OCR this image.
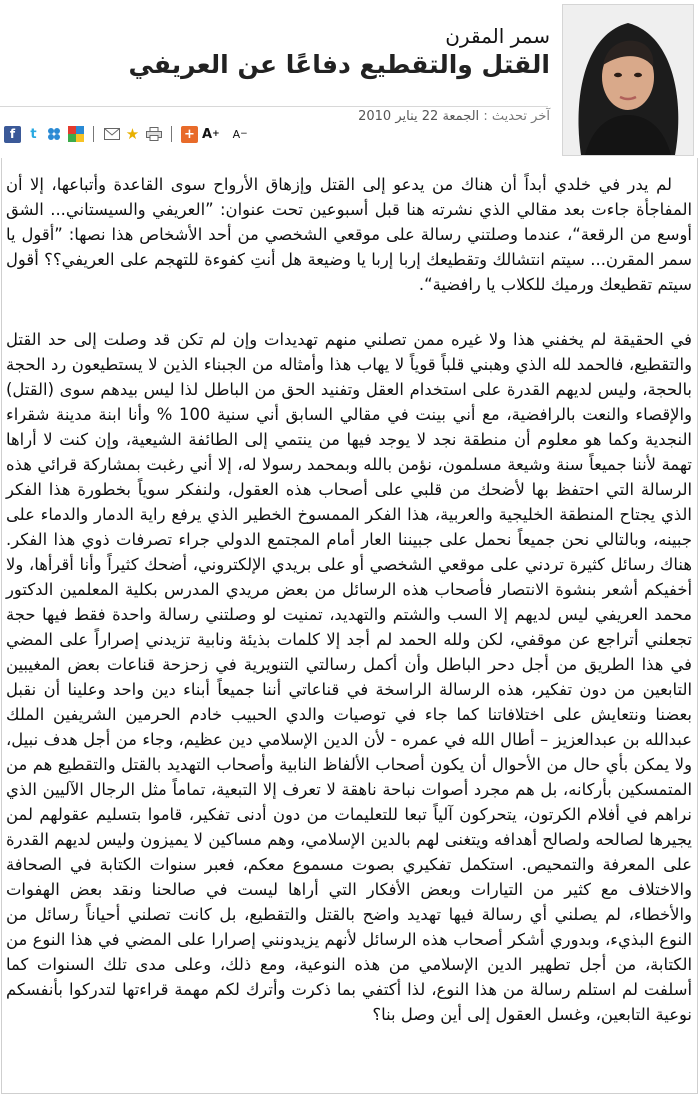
سمر المقرن
القتل والتقطيع دفاعًا عن العريفي
آخر تحديث : الجمعة 22 يناير 2010
f	t	★	+ A + A −

لم يدر في خلدي أبداً أن هناك من يدعو إلى القتل وإزهاق الأرواح سوى القاعدة وأتباعها، إلا أن المفاجأة جاءت بعد مقالي الذي نشرته هنا قبل أسبوعين تحت عنوان: ”العريفي والسيستاني... الشق أوسع من الرقعة“، عندما وصلتني رسالة على موقعي الشخصي من أحد الأشخاص هذا نصها: ”أقول يا سمر المقرن... سيتم انتشالك وتقطيعك إربا إربا يا وضيعة هل أنتِ كفوءة للتهجم على العريفي؟؟ أقول سيتم تقطيعك ورميك للكلاب يا رافضية“.

في الحقيقة لم يخفني هذا ولا غيره ممن تصلني منهم تهديدات وإن لم تكن قد وصلت إلى حد القتل والتقطيع، فالحمد لله الذي وهبني قلباً قوياً لا يهاب هذا وأمثاله من الجبناء الذين لا يستطيعون رد الحجة بالحجة، وليس لديهم القدرة على استخدام العقل وتفنيد الحق من الباطل لذا ليس بيدهم سوى (القتل) والإقصاء والنعت بالرافضية، مع أني بينت في مقالي السابق أني سنية 100 % وأنا ابنة مدينة شقراء النجدية وكما هو معلوم أن منطقة نجد لا يوجد فيها من ينتمي إلى الطائفة الشيعية، وإن كنت لا أراها تهمة لأننا جميعاً سنة وشيعة مسلمون، نؤمن بالله وبمحمد رسولا له، إلا أني رغبت بمشاركة قرائي هذه الرسالة التي احتفظ بها لأضحك من قلبي على أصحاب هذه العقول، ولنفكر سوياً بخطورة هذا الفكر الذي يجتاح المنطقة الخليجية والعربية، هذا الفكر الممسوخ الخطير الذي يرفع راية الدمار والدماء على جبينه، وبالتالي نحن جميعاً نحمل على جبيننا العار أمام المجتمع الدولي جراء تصرفات ذوي هذا الفكر. هناك رسائل كثيرة تردني على موقعي الشخصي أو على بريدي الإلكتروني، أضحك كثيراً وأنا أقرأها، ولا أخفيكم أشعر بنشوة الانتصار فأصحاب هذه الرسائل من بعض مريدي المدرس بكلية المعلمين الدكتور محمد العريفي ليس لديهم إلا السب والشتم والتهديد، تمنيت لو وصلتني رسالة واحدة فقط فيها حجة تجعلني أتراجع عن موقفي، لكن ولله الحمد لم أجد إلا كلمات بذيئة ونابية تزيدني إصراراً على المضي في هذا الطريق من أجل دحر الباطل وأن أكمل رسالتي التنويرية في زحزحة قناعات بعض المغيبين التابعين من دون تفكير، هذه الرسالة الراسخة في قناعاتي أننا جميعاً أبناء دين واحد وعلينا أن نقبل بعضنا ونتعايش على اختلافاتنا كما جاء في توصيات والدي الحبيب خادم الحرمين الشريفين الملك عبدالله بن عبدالعزيز – أطال الله في عمره - لأن الدين الإسلامي دين عظيم، وجاء من أجل هدف نبيل، ولا يمكن بأي حال من الأحوال أن يكون أصحاب الألفاظ النابية وأصحاب التهديد بالقتل والتقطيع هم من المتمسكين بأركانه، بل هم مجرد أصوات نباحة ناهقة لا تعرف إلا التبعية، تماماً مثل الرجال الآليين الذي نراهم في أفلام الكرتون، يتحركون آلياً تبعا للتعليمات من دون أدنى تفكير، قاموا بتسليم عقولهم لمن يجيرها لصالحه ولصالح أهدافه ويتغنى لهم بالدين الإسلامي، وهم مساكين لا يميزون وليس لديهم القدرة على المعرفة والتمحيص. استكمل تفكيري بصوت مسموع معكم، فعبر سنوات الكتابة في الصحافة والاختلاف مع كثير من التيارات وبعض الأفكار التي أراها ليست في صالحنا ونقد بعض الهفوات والأخطاء، لم يصلني أي رسالة فيها تهديد واضح بالقتل والتقطيع، بل كانت تصلني أحياناً رسائل من النوع البذيء، وبدوري أشكر أصحاب هذه الرسائل لأنهم يزيدونني إصرارا على المضي في هذا النوع من الكتابة، من أجل تطهير الدين الإسلامي من هذه النوعية، ومع ذلك، وعلى مدى تلك السنوات كما أسلفت لم استلم رسالة من هذا النوع، لذا أكتفي بما ذكرت وأترك لكم مهمة قراءتها لتدركوا بأنفسكم نوعية التابعين، وغسل العقول إلى أين وصل بنا؟
